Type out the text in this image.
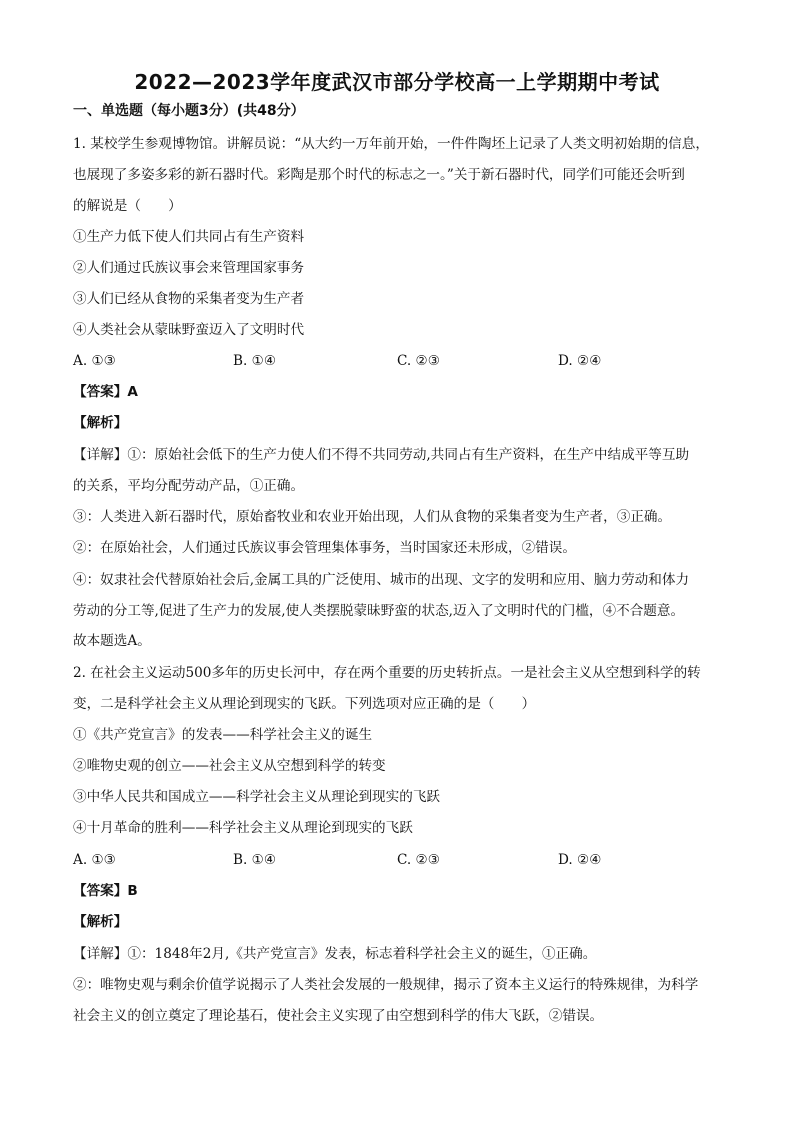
2022—2023学年度武汉市部分学校高一上学期期中考试
一、单选题（每小题3分）(共48分）
1. 某校学生参观博物馆。讲解员说：“从大约一万年前开始，一件件陶坯上记录了人类文明初始期的信息，
也展现了多姿多彩的新石器时代。彩陶是那个时代的标志之一。”关于新石器时代，同学们可能还会听到
的解说是（　　）
①生产力低下使人们共同占有生产资料
②人们通过氏族议事会来管理国家事务
③人们已经从食物的采集者变为生产者
④人类社会从蒙昧野蛮迈入了文明时代
A. ①③	B. ①④	C. ②③	D. ②④
【答案】A
【解析】
【详解】①：原始社会低下的生产力使人们不得不共同劳动,共同占有生产资料，在生产中结成平等互助
的关系，平均分配劳动产品，①正确。
③：人类进入新石器时代，原始畜牧业和农业开始出现，人们从食物的采集者变为生产者，③正确。
②：在原始社会，人们通过氏族议事会管理集体事务，当时国家还未形成，②错误。
④：奴隶社会代替原始社会后,金属工具的广泛使用、城市的出现、文字的发明和应用、脑力劳动和体力
劳动的分工等,促进了生产力的发展,使人类摆脱蒙昧野蛮的状态,迈入了文明时代的门槛，④不合题意。
故本题选A。
2. 在社会主义运动500多年的历史长河中，存在两个重要的历史转折点。一是社会主义从空想到科学的转
变，二是科学社会主义从理论到现实的飞跃。下列选项对应正确的是（　　）
①《共产党宣言》的发表——科学社会主义的诞生
②唯物史观的创立——社会主义从空想到科学的转变
③中华人民共和国成立——科学社会主义从理论到现实的飞跃
④十月革命的胜利——科学社会主义从理论到现实的飞跃
A. ①③	B. ①④	C. ②③	D. ②④
【答案】B
【解析】
【详解】①：1848年2月,《共产党宣言》发表，标志着科学社会主义的诞生，①正确。
②：唯物史观与剩余价值学说揭示了人类社会发展的一般规律，揭示了资本主义运行的特殊规律，为科学
社会主义的创立奠定了理论基石，使社会主义实现了由空想到科学的伟大飞跃，②错误。
